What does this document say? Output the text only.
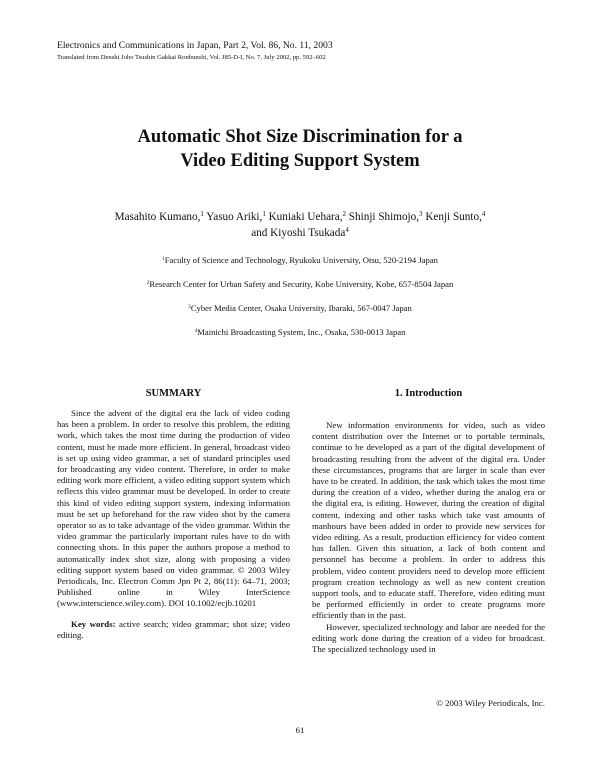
Electronics and Communications in Japan, Part 2, Vol. 86, No. 11, 2003
Translated from Denshi Joho Tsushin Gakkai Ronbunshi, Vol. J85-D-I, No. 7, July 2002, pp. 592–602
Automatic Shot Size Discrimination for a
Video Editing Support System
Masahito Kumano,$^1$ Yasuo Ariki,$^1$ Kuniaki Uehara,$^2$ Shinji Shimojo,$^3$ Kenji Sunto,$^4$
and Kiyoshi Tsukada$^4$
$^1$Faculty of Science and Technology, Ryukoku University, Otsu, 520-2194 Japan
$^2$Research Center for Urban Safety and Security, Kobe University, Kobe, 657-8504 Japan
$^3$Cyber Media Center, Osaka University, Ibaraki, 567-0047 Japan
$^4$Mainichi Broadcasting System, Inc., Osaka, 530-0013 Japan
SUMMARY

Since the advent of the digital era the lack of video coding has been a problem. In order to resolve this problem, the editing work, which takes the most time during the production of video content, must be made more efficient. In general, broadcast video is set up using video grammar, a set of standard principles used for broadcasting any video content. Therefore, in order to make editing work more efficient, a video editing support system which reflects this video grammar must be developed. In order to create this kind of video editing support system, indexing information must be set up beforehand for the raw video shot by the camera operator so as to take advantage of the video grammar. Within the video grammar the particularly important rules have to do with connecting shots. In this paper the authors propose a method to automatically index shot size, along with proposing a video editing support system based on video grammar. © 2003 Wiley Periodicals, Inc. Electron Comm Jpn Pt 2, 86(11): 64–71, 2003; Published online in Wiley InterScience (www.interscience.wiley.com). DOI 10.1002/ecjb.10201

Key words: active search; video grammar; shot size; video editing.

1. Introduction

New information environments for video, such as video content distribution over the Internet or to portable terminals, continue to be developed as a part of the digital development of broadcasting resulting from the advent of the digital era. Under these circumstances, programs that are larger in scale than ever have to be created. In addition, the task which takes the most time during the creation of a video, whether during the analog era or the digital era, is editing. However, during the creation of digital content, indexing and other tasks which take vast amounts of manhours have been added in order to provide new services for video editing. As a result, production efficiency for video content has fallen. Given this situation, a lack of both content and personnel has become a problem. In order to address this problem, video content providers need to develop more efficient program creation technology as well as new content creation support tools, and to educate staff. Therefore, video editing must be performed efficiently in order to create programs more efficiently than in the past.

However, specialized technology and labor are needed for the editing work done during the creation of a video for broadcast. The specialized technology used in

© 2003 Wiley Periodicals, Inc.
61
